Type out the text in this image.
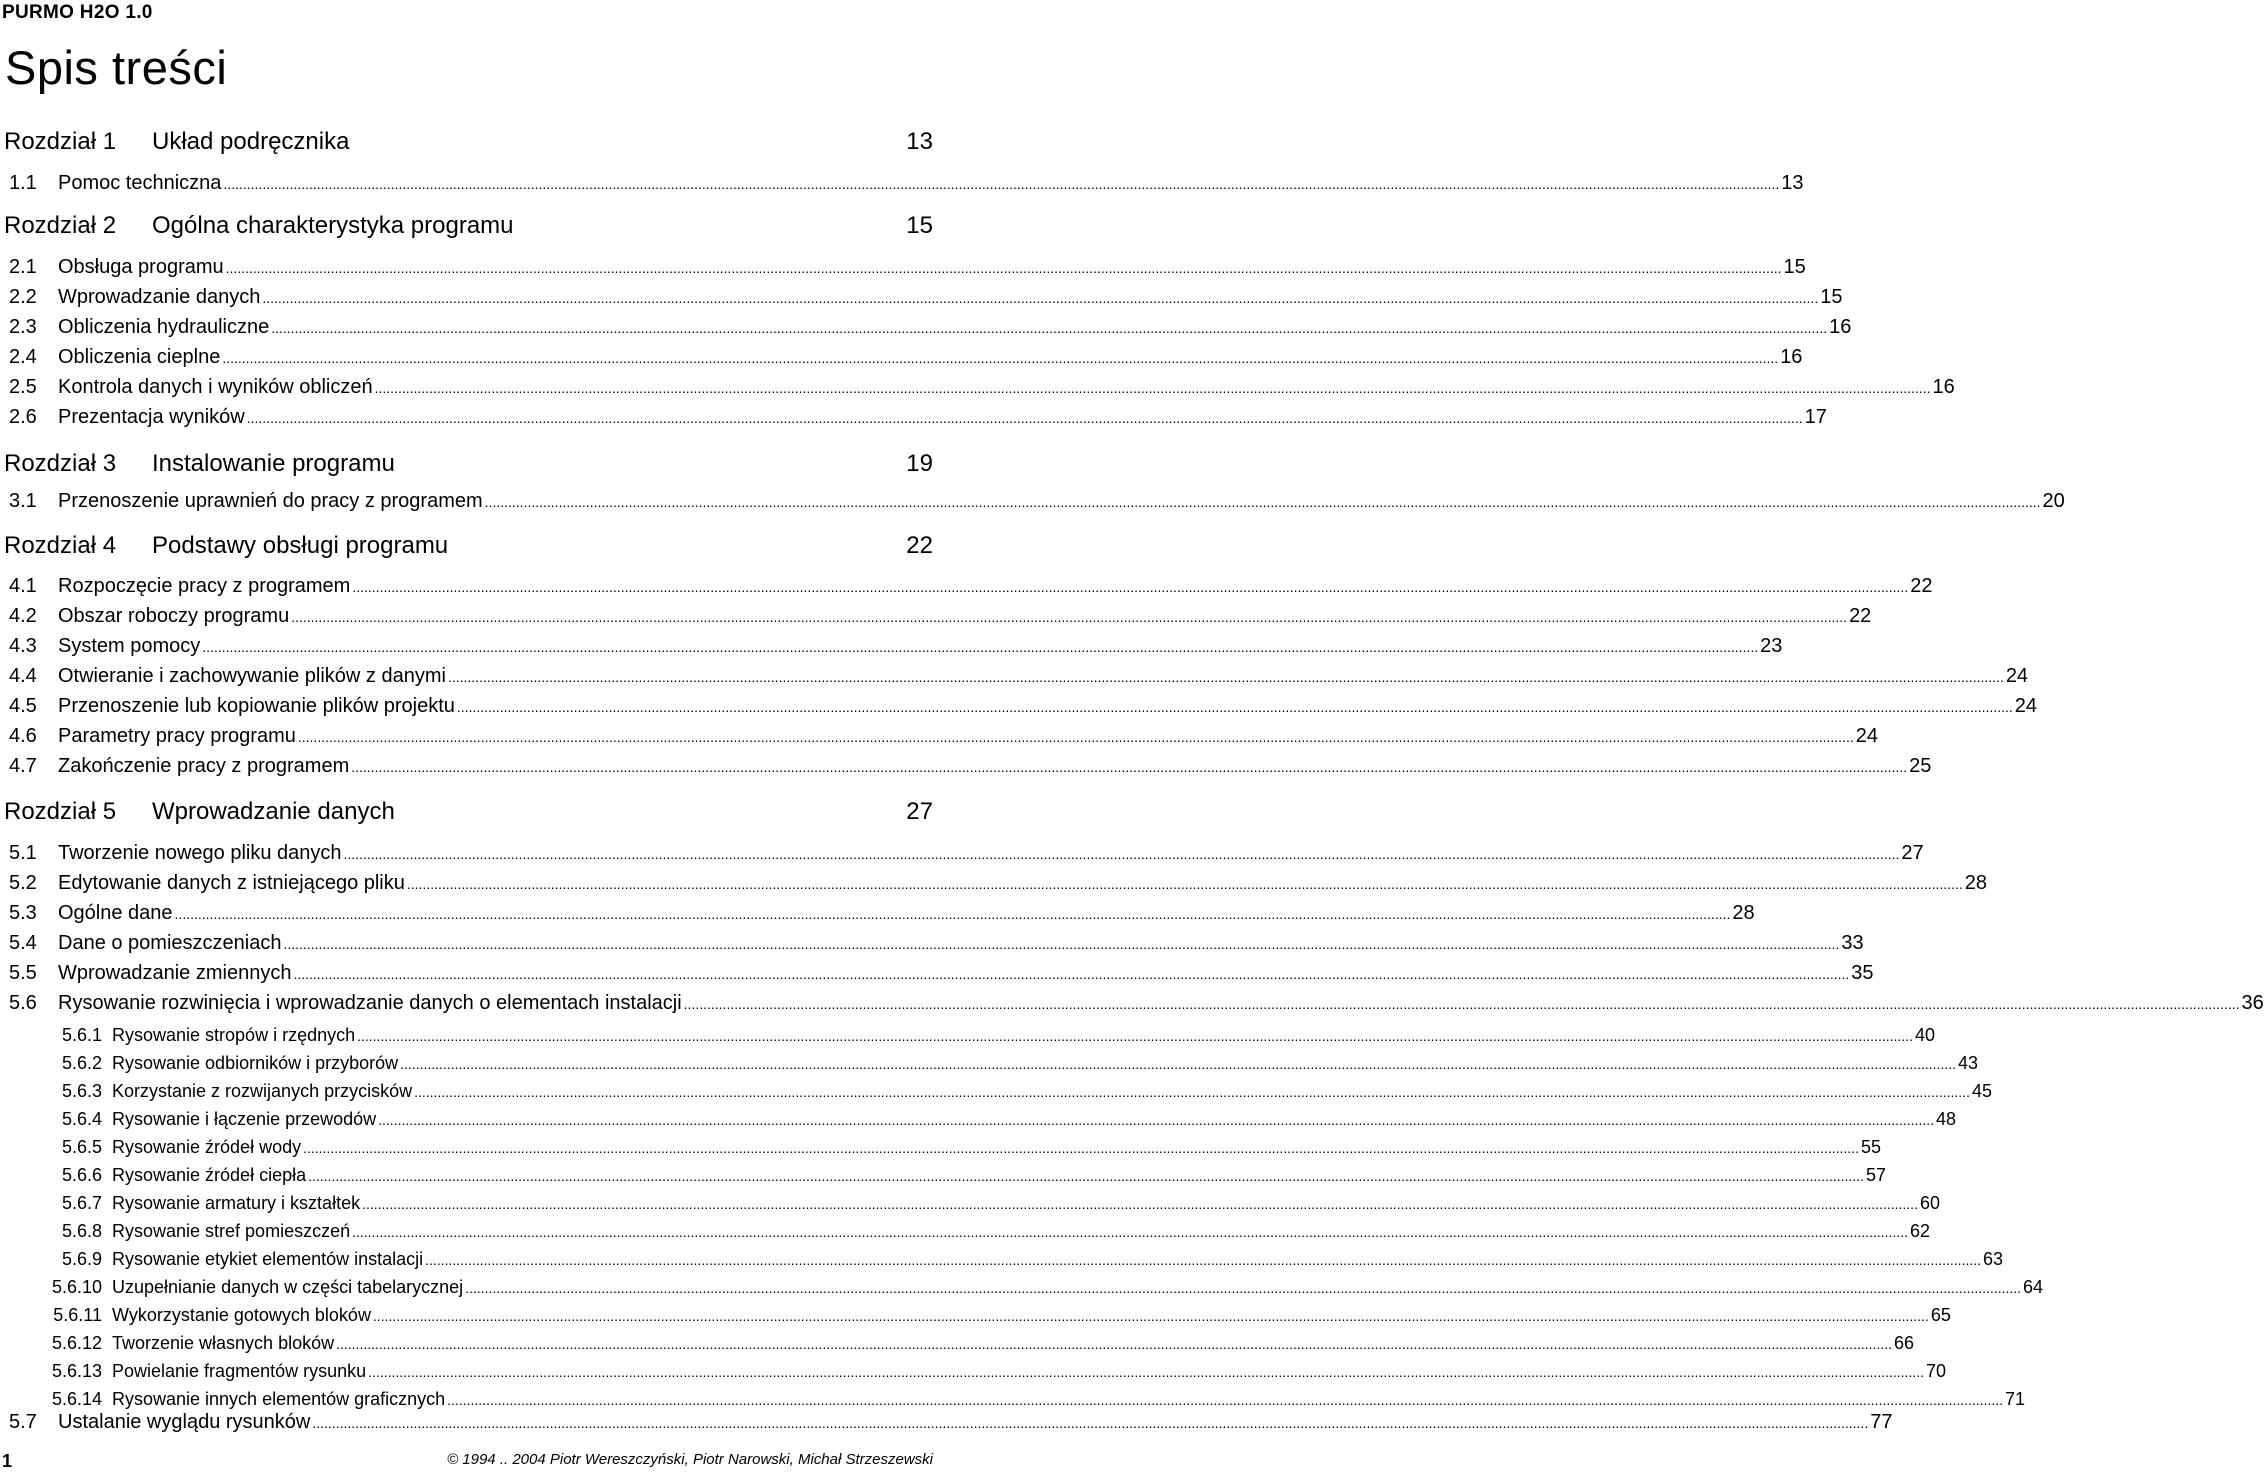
PURMO H2O 1.0
Spis treści
Rozdział 1	Układ podręcznika	13
1.1	Pomoc techniczna ................................................................................................................................................................................................................................................................................................................................................................................................................ 13
Rozdział 2	Ogólna charakterystyka programu	15
2.1	Obsługa programu ................................................................................................................................................................................................................................................................................................................................................................................................................ 15
2.2	Wprowadzanie danych ................................................................................................................................................................................................................................................................................................................................................................................................................ 15
2.3	Obliczenia hydrauliczne ................................................................................................................................................................................................................................................................................................................................................................................................................ 16
2.4	Obliczenia cieplne ................................................................................................................................................................................................................................................................................................................................................................................................................ 16
2.5	Kontrola danych i wyników obliczeń ................................................................................................................................................................................................................................................................................................................................................................................................................ 16
2.6	Prezentacja wyników ................................................................................................................................................................................................................................................................................................................................................................................................................ 17
Rozdział 3	Instalowanie programu	19
3.1	Przenoszenie uprawnień do pracy z programem ................................................................................................................................................................................................................................................................................................................................................................................................................ 20
Rozdział 4	Podstawy obsługi programu	22
4.1	Rozpoczęcie pracy z programem ................................................................................................................................................................................................................................................................................................................................................................................................................ 22
4.2	Obszar roboczy programu ................................................................................................................................................................................................................................................................................................................................................................................................................ 22
4.3	System pomocy ................................................................................................................................................................................................................................................................................................................................................................................................................ 23
4.4	Otwieranie i zachowywanie plików z danymi ................................................................................................................................................................................................................................................................................................................................................................................................................ 24
4.5	Przenoszenie lub kopiowanie plików projektu ................................................................................................................................................................................................................................................................................................................................................................................................................ 24
4.6	Parametry pracy programu ................................................................................................................................................................................................................................................................................................................................................................................................................ 24
4.7	Zakończenie pracy z programem ................................................................................................................................................................................................................................................................................................................................................................................................................ 25
Rozdział 5	Wprowadzanie danych	27
5.1	Tworzenie nowego pliku danych ................................................................................................................................................................................................................................................................................................................................................................................................................ 27
5.2	Edytowanie danych z istniejącego pliku ................................................................................................................................................................................................................................................................................................................................................................................................................ 28
5.3	Ogólne dane ................................................................................................................................................................................................................................................................................................................................................................................................................ 28
5.4	Dane o pomieszczeniach ................................................................................................................................................................................................................................................................................................................................................................................................................ 33
5.5	Wprowadzanie zmiennych ................................................................................................................................................................................................................................................................................................................................................................................................................ 35
5.6	Rysowanie rozwinięcia i wprowadzanie danych o elementach instalacji ................................................................................................................................................................................................................................................................................................................................................................................................................ 36
5.6.1 Rysowanie stropów i rzędnych ................................................................................................................................................................................................................................................................................................................................................................................................................ 40
5.6.2 Rysowanie odbiorników i przyborów ................................................................................................................................................................................................................................................................................................................................................................................................................ 43
5.6.3 Korzystanie z rozwijanych przycisków ................................................................................................................................................................................................................................................................................................................................................................................................................ 45
5.6.4 Rysowanie i łączenie przewodów ................................................................................................................................................................................................................................................................................................................................................................................................................ 48
5.6.5 Rysowanie źródeł wody ................................................................................................................................................................................................................................................................................................................................................................................................................ 55
5.6.6 Rysowanie źródeł ciepła ................................................................................................................................................................................................................................................................................................................................................................................................................ 57
5.6.7 Rysowanie armatury i kształtek ................................................................................................................................................................................................................................................................................................................................................................................................................ 60
5.6.8 Rysowanie stref pomieszczeń ................................................................................................................................................................................................................................................................................................................................................................................................................ 62
5.6.9 Rysowanie etykiet elementów instalacji ................................................................................................................................................................................................................................................................................................................................................................................................................ 63
5.6.10 Uzupełnianie danych w części tabelarycznej ................................................................................................................................................................................................................................................................................................................................................................................................................ 64
5.6.11 Wykorzystanie gotowych bloków ................................................................................................................................................................................................................................................................................................................................................................................................................ 65
5.6.12 Tworzenie własnych bloków ................................................................................................................................................................................................................................................................................................................................................................................................................ 66
5.6.13 Powielanie fragmentów rysunku ................................................................................................................................................................................................................................................................................................................................................................................................................ 70
5.6.14 Rysowanie innych elementów graficznych ................................................................................................................................................................................................................................................................................................................................................................................................................ 71
5.7	Ustalanie wyglądu rysunków ................................................................................................................................................................................................................................................................................................................................................................................................................ 77
1	© 1994 .. 2004 Piotr Wereszczyński, Piotr Narowski, Michał Strzeszewski
